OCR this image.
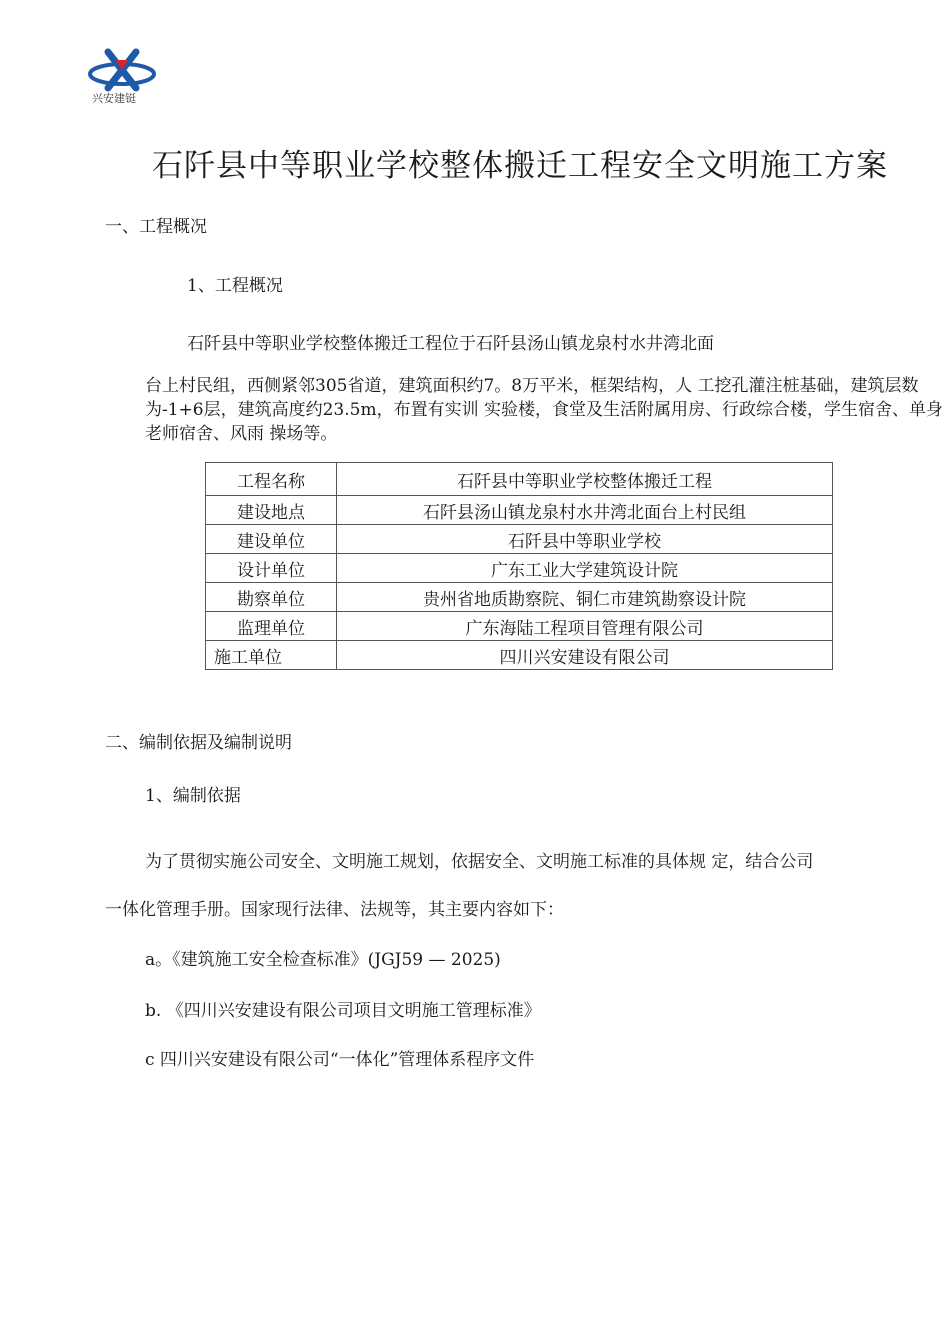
兴安建铤
石阡县中等职业学校整体搬迁工程安全文明施工方案
一、工程概况
1、工程概况
石阡县中等职业学校整体搬迁工程位于石阡县汤山镇龙泉村水井湾北面
台上村民组，西侧紧邻305省道，建筑面积约7。8万平米，框架结构，人 工挖孔灌注桩基础，建筑层数为-1+6层，建筑高度约23.5m，布置有实训 实验楼，食堂及生活附属用房、行政综合楼，学生宿舍、单身老师宿舍、风雨 操场等。
工程名称	石阡县中等职业学校整体搬迁工程
建设地点	石阡县汤山镇龙泉村水井湾北面台上村民组
建设单位	石阡县中等职业学校
设计单位	广东工业大学建筑设计院
勘察单位	贵州省地质勘察院、铜仁市建筑勘察设计院
监理单位	广东海陆工程项目管理有限公司
施工单位	四川兴安建设有限公司
二、编制依据及编制说明
1、编制依据
为了贯彻实施公司安全、文明施工规划，依据安全、文明施工标准的具体规 定，结合公司
一体化管理手册。国家现行法律、法规等，其主要内容如下：
a。《建筑施工安全检查标准》(JGJ59 — 2025)
b. 《四川兴安建设有限公司项目文明施工管理标准》
c 四川兴安建设有限公司“一体化”管理体系程序文件
